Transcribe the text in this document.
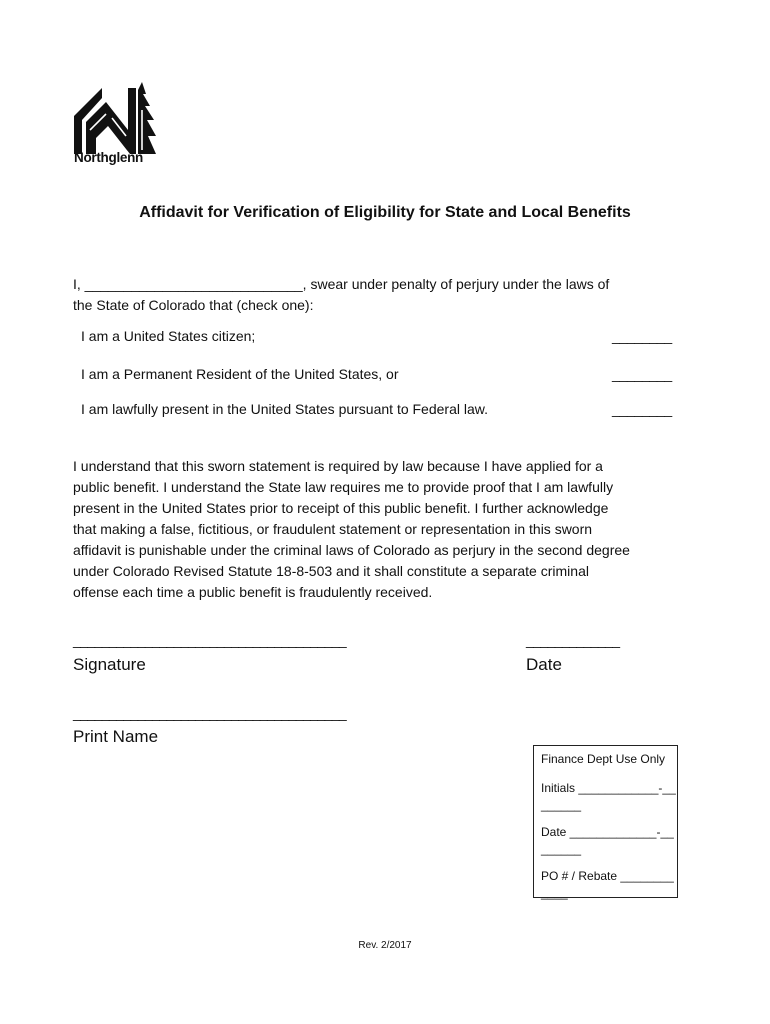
Northglenn
Affidavit for Verification of Eligibility for State and Local Benefits
I, ____________________________, swear under penalty of perjury under the laws of
the State of Colorado that (check one):
I am a United States citizen;	________
I am a Permanent Resident of the United States, or	________
I am lawfully present in the United States pursuant to Federal law.	________
I understand that this sworn statement is required by law because I have applied for a
public benefit. I understand the State law requires me to provide proof that I am lawfully
present in the United States prior to receipt of this public benefit. I further acknowledge
that making a false, fictitious, or fraudulent statement or representation in this sworn
affidavit is punishable under the criminal laws of Colorado as perjury in the second degree
under Colorado Revised Statute 18-8-503 and it shall constitute a separate criminal
offense each time a public benefit is fraudulently received.
______________________________________
Signature
_____________
Date
______________________________________
Print Name
Finance Dept Use Only
Initials ____________-________
Date _____________-________
PO # / Rebate ____________
Rev. 2/2017
